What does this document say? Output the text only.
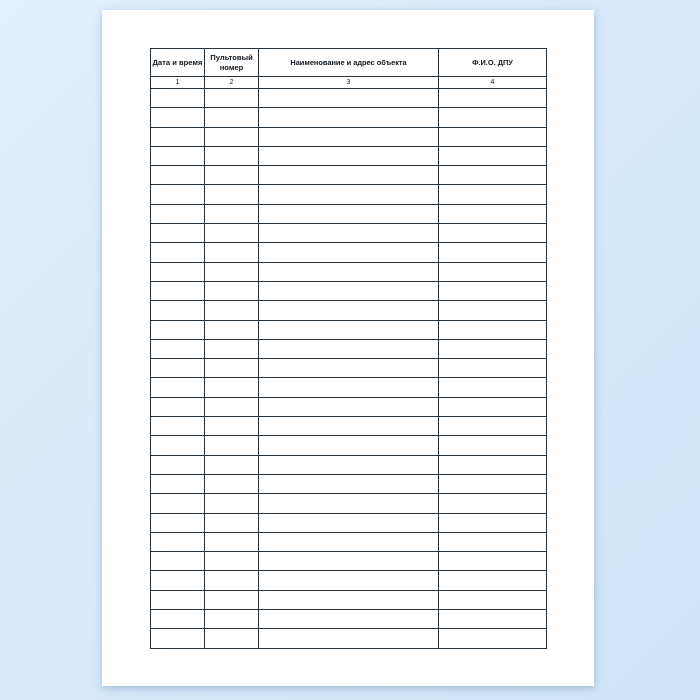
Дата и время	Пультовый номер	Наименование и адрес объекта	Ф.И.О. ДПУ
1	2	3	4
